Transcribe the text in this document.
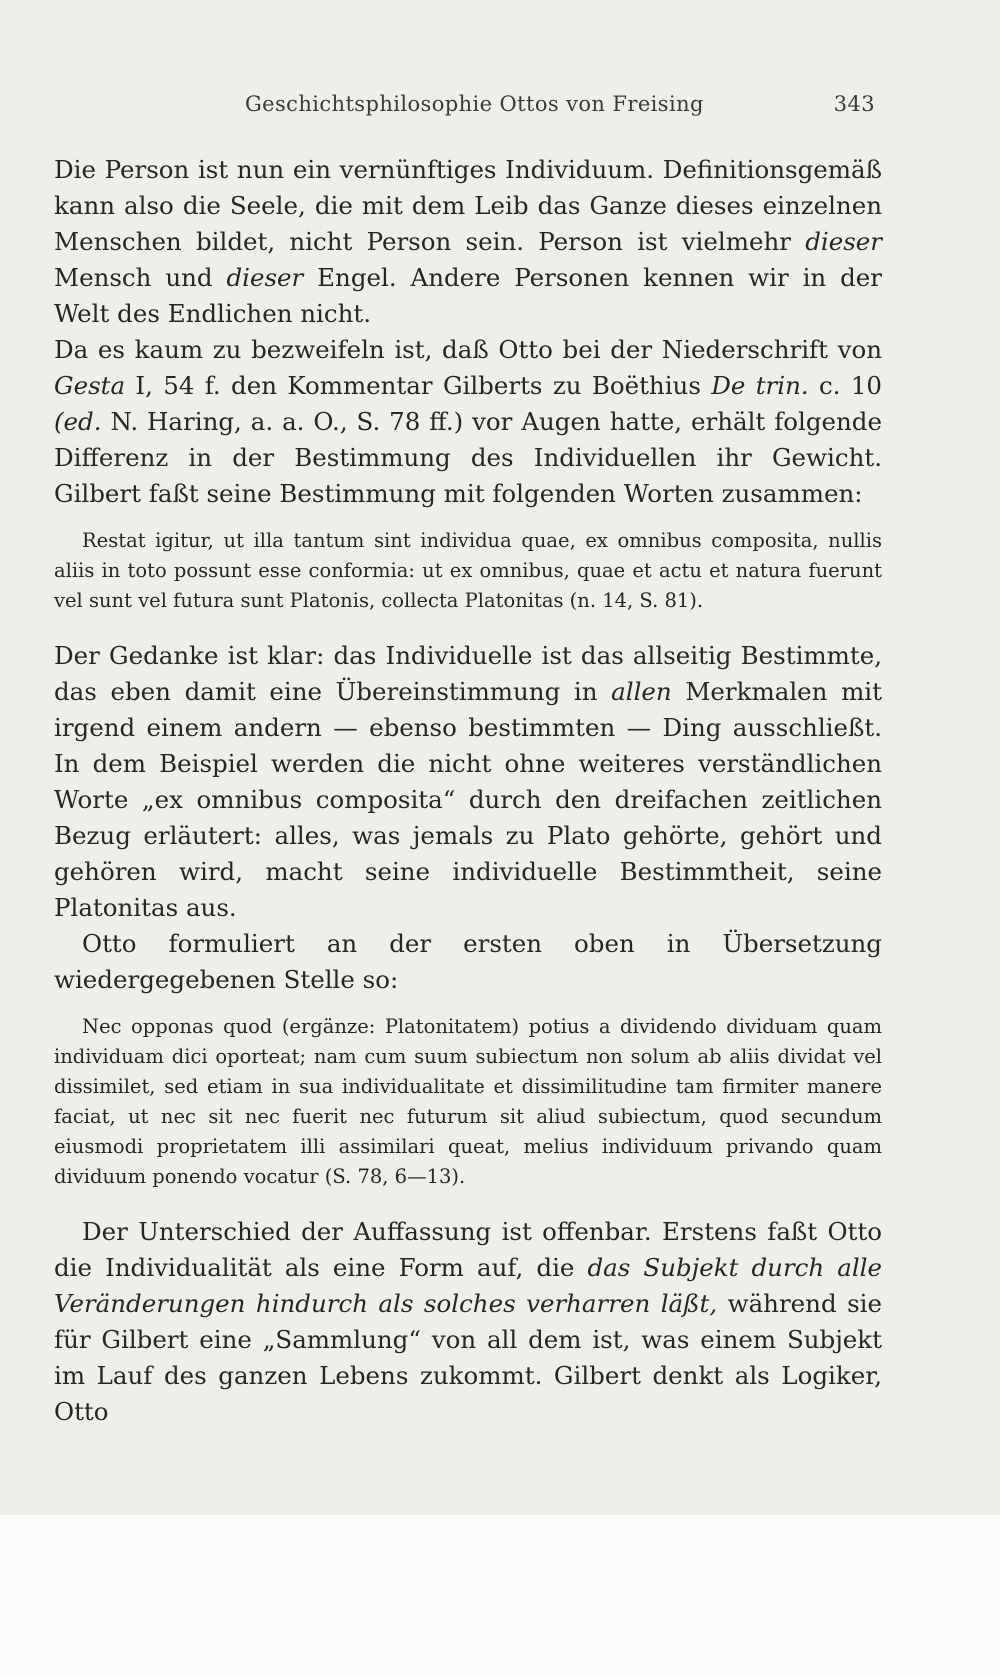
Geschichtsphilosophie Ottos von Freising	343

Die Person ist nun ein vernünftiges Individuum. Definitionsgemäß kann also die Seele, die mit dem Leib das Ganze dieses einzelnen Menschen bildet, nicht Person sein. Person ist vielmehr dieser Mensch und dieser Engel. Andere Personen kennen wir in der Welt des Endlichen nicht.

Da es kaum zu bezweifeln ist, daß Otto bei der Niederschrift von Gesta I, 54 f. den Kommentar Gilberts zu Boëthius De trin. c. 10 (ed. N. Haring, a. a. O., S. 78 ff.) vor Augen hatte, erhält folgende Differenz in der Bestimmung des Individuellen ihr Gewicht. Gilbert faßt seine Bestimmung mit folgenden Worten zusammen:

Restat igitur, ut illa tantum sint individua quae, ex omnibus composita, nullis aliis in toto possunt esse conformia: ut ex omnibus, quae et actu et natura fuerunt vel sunt vel futura sunt Platonis, collecta Platonitas (n. 14, S. 81).

Der Gedanke ist klar: das Individuelle ist das allseitig Bestimmte, das eben damit eine Übereinstimmung in allen Merkmalen mit irgend einem andern — ebenso bestimmten — Ding ausschließt. In dem Beispiel werden die nicht ohne weiteres verständlichen Worte „ex omnibus composita“ durch den dreifachen zeitlichen Bezug erläutert: alles, was jemals zu Plato gehörte, gehört und gehören wird, macht seine individuelle Bestimmtheit, seine Platonitas aus.

Otto formuliert an der ersten oben in Übersetzung wiedergegebenen Stelle so:

Nec opponas quod (ergänze: Platonitatem) potius a dividendo dividuam quam individuam dici oporteat; nam cum suum subiectum non solum ab aliis dividat vel dissimilet, sed etiam in sua individualitate et dissimilitudine tam firmiter manere faciat, ut nec sit nec fuerit nec futurum sit aliud subiectum, quod secundum eiusmodi proprietatem illi assimilari queat, melius individuum privando quam dividuum ponendo vocatur (S. 78, 6—13).

Der Unterschied der Auffassung ist offenbar. Erstens faßt Otto die Individualität als eine Form auf, die das Subjekt durch alle Veränderungen hindurch als solches verharren läßt, während sie für Gilbert eine „Sammlung“ von all dem ist, was einem Subjekt im Lauf des ganzen Lebens zukommt. Gilbert denkt als Logiker, Otto
